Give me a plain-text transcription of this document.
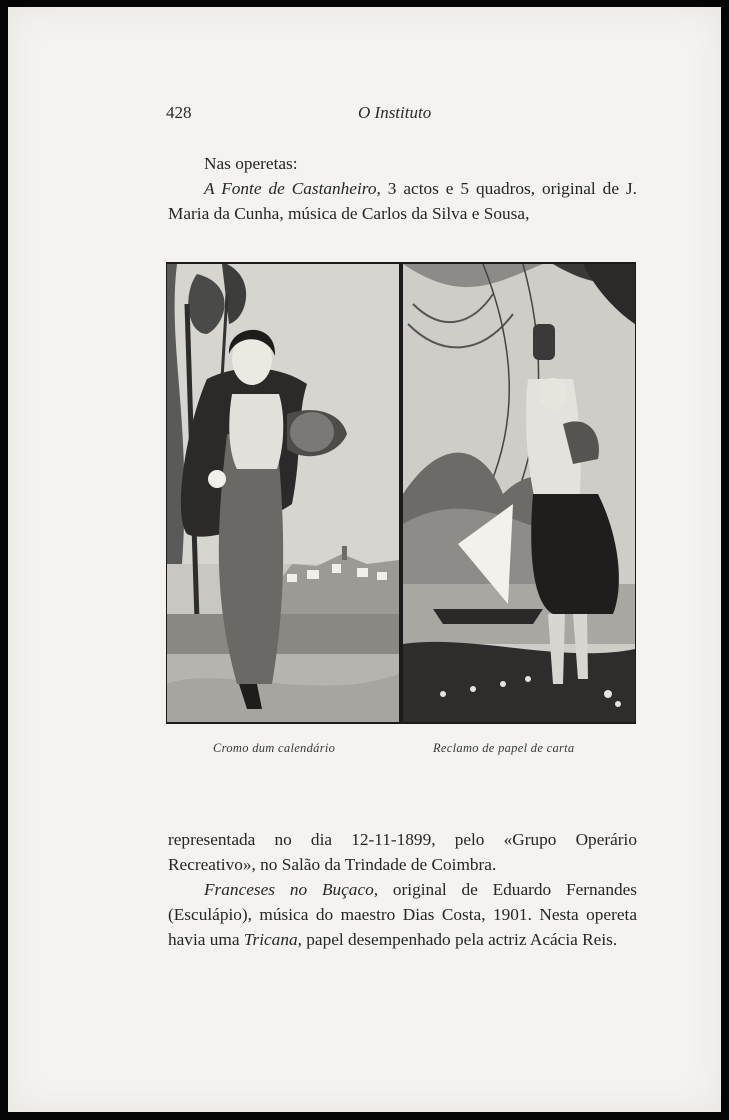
428	O Instituto

Nas operetas:

A Fonte de Castanheiro, 3 actos e 5 quadros, original de J. Maria da Cunha, música de Carlos da Silva e Sousa,

Cromo dum calendário	Reclamo de papel de carta

representada no dia 12-11-1899, pelo «Grupo Operário Recreativo», no Salão da Trindade de Coimbra.

Franceses no Buçaco, original de Eduardo Fernandes (Esculápio), música do maestro Dias Costa, 1901. Nesta opereta havia uma Tricana, papel desempenhado pela actriz Acácia Reis.
